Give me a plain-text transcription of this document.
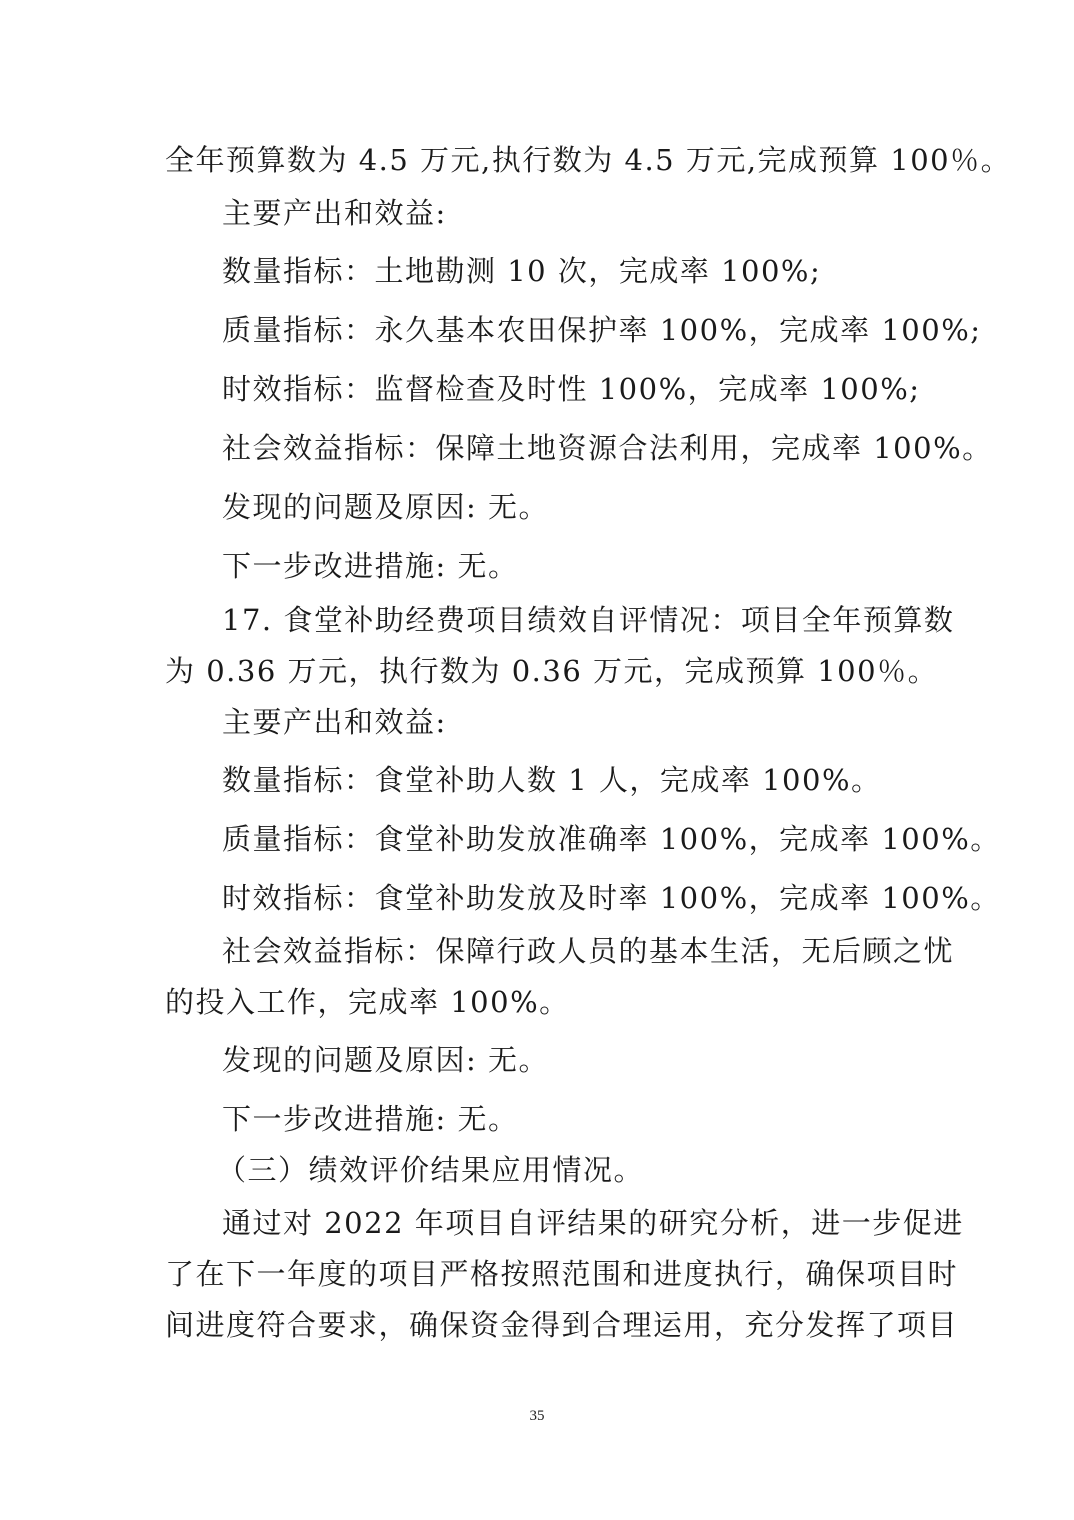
全年预算数为 4.5 万元,执行数为 4.5 万元,完成预算 100％。

主要产出和效益:

数量指标：土地勘测 10 次，完成率 100%;

质量指标：永久基本农田保护率 100%，完成率 100%;

时效指标：监督检查及时性 100%，完成率 100%;

社会效益指标：保障土地资源合法利用，完成率 100%。

发现的问题及原因: 无。

下一步改进措施: 无。

17. 食堂补助经费项目绩效自评情况：项目全年预算数

为 0.36 万元，执行数为 0.36 万元，完成预算 100％。

主要产出和效益:

数量指标：食堂补助人数 1 人，完成率 100%。

质量指标：食堂补助发放准确率 100%，完成率 100%。

时效指标：食堂补助发放及时率 100%，完成率 100%。

社会效益指标：保障行政人员的基本生活，无后顾之忧

的投入工作，完成率 100%。

发现的问题及原因: 无。

下一步改进措施: 无。

（三）绩效评价结果应用情况。

通过对 2022 年项目自评结果的研究分析，进一步促进

了在下一年度的项目严格按照范围和进度执行，确保项目时

间进度符合要求，确保资金得到合理运用，充分发挥了项目

35
